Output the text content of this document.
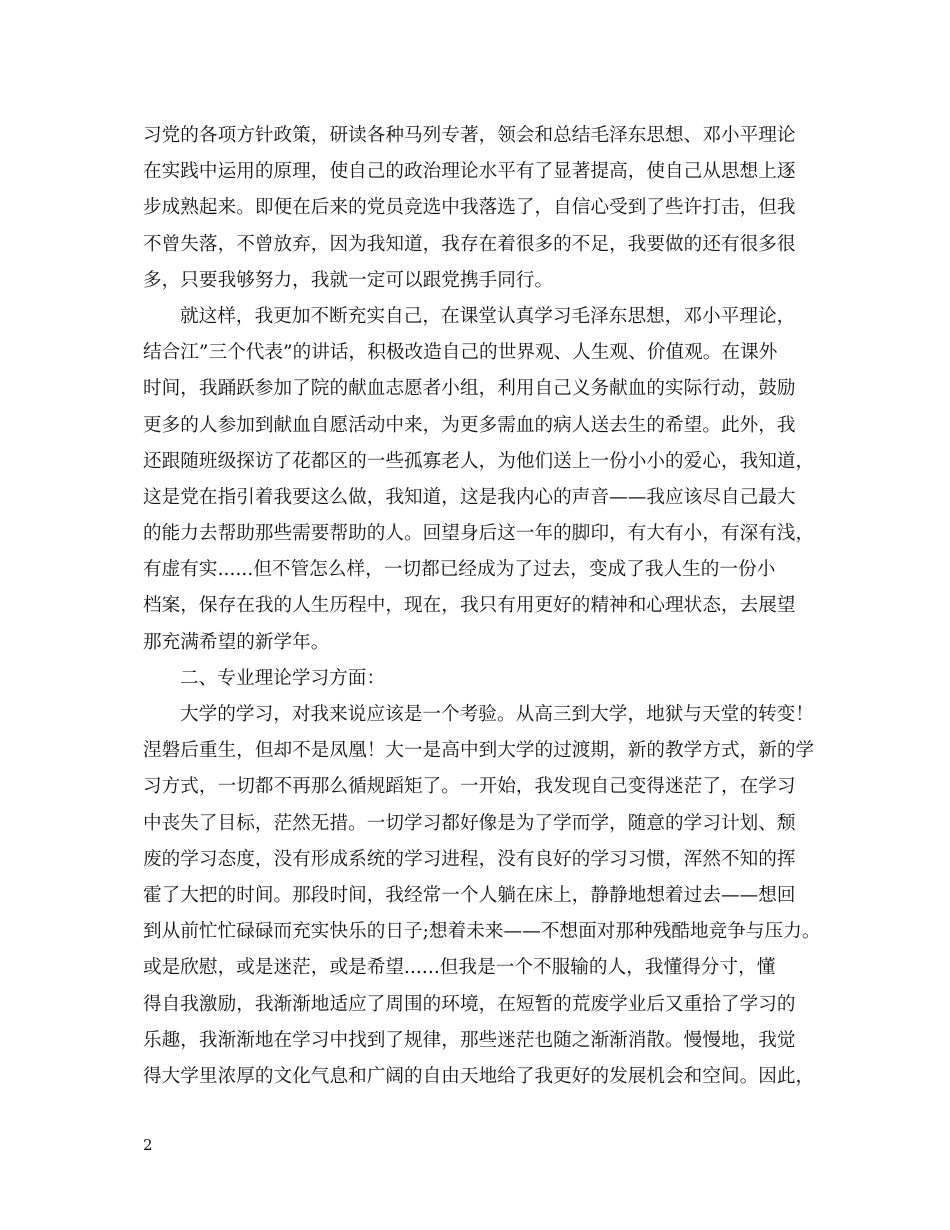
习党的各项方针政策，研读各种马列专著，领会和总结毛泽东思想、邓小平理论
在实践中运用的原理，使自己的政治理论水平有了显著提高，使自己从思想上逐
步成熟起来。即便在后来的党员竞选中我落选了，自信心受到了些许打击，但我
不曾失落，不曾放弃，因为我知道，我存在着很多的不足，我要做的还有很多很
多，只要我够努力，我就一定可以跟党携手同行。
就这样，我更加不断充实自己，在课堂认真学习毛泽东思想，邓小平理论，
结合江”三个代表”的讲话，积极改造自己的世界观、人生观、价值观。在课外
时间，我踊跃参加了院的献血志愿者小组，利用自己义务献血的实际行动，鼓励
更多的人参加到献血自愿活动中来，为更多需血的病人送去生的希望。此外，我
还跟随班级探访了花都区的一些孤寡老人，为他们送上一份小小的爱心，我知道，
这是党在指引着我要这么做，我知道，这是我内心的声音——我应该尽自己最大
的能力去帮助那些需要帮助的人。回望身后这一年的脚印，有大有小，有深有浅，
有虚有实......但不管怎么样，一切都已经成为了过去，变成了我人生的一份小
档案，保存在我的人生历程中，现在，我只有用更好的精神和心理状态，去展望
那充满希望的新学年。
二、专业理论学习方面：
大学的学习，对我来说应该是一个考验。从高三到大学，地狱与天堂的转变！
涅磐后重生，但却不是凤凰！大一是高中到大学的过渡期，新的教学方式，新的学
习方式，一切都不再那么循规蹈矩了。一开始，我发现自己变得迷茫了，在学习
中丧失了目标，茫然无措。一切学习都好像是为了学而学，随意的学习计划、颓
废的学习态度，没有形成系统的学习进程，没有良好的学习习惯，浑然不知的挥
霍了大把的时间。那段时间，我经常一个人躺在床上，静静地想着过去——想回
到从前忙忙碌碌而充实快乐的日子;想着未来——不想面对那种残酷地竞争与压力。
或是欣慰，或是迷茫，或是希望......但我是一个不服输的人，我懂得分寸，懂
得自我激励，我渐渐地适应了周围的环境，在短暂的荒废学业后又重拾了学习的
乐趣，我渐渐地在学习中找到了规律，那些迷茫也随之渐渐消散。慢慢地，我觉
得大学里浓厚的文化气息和广阔的自由天地给了我更好的发展机会和空间。因此，
2
